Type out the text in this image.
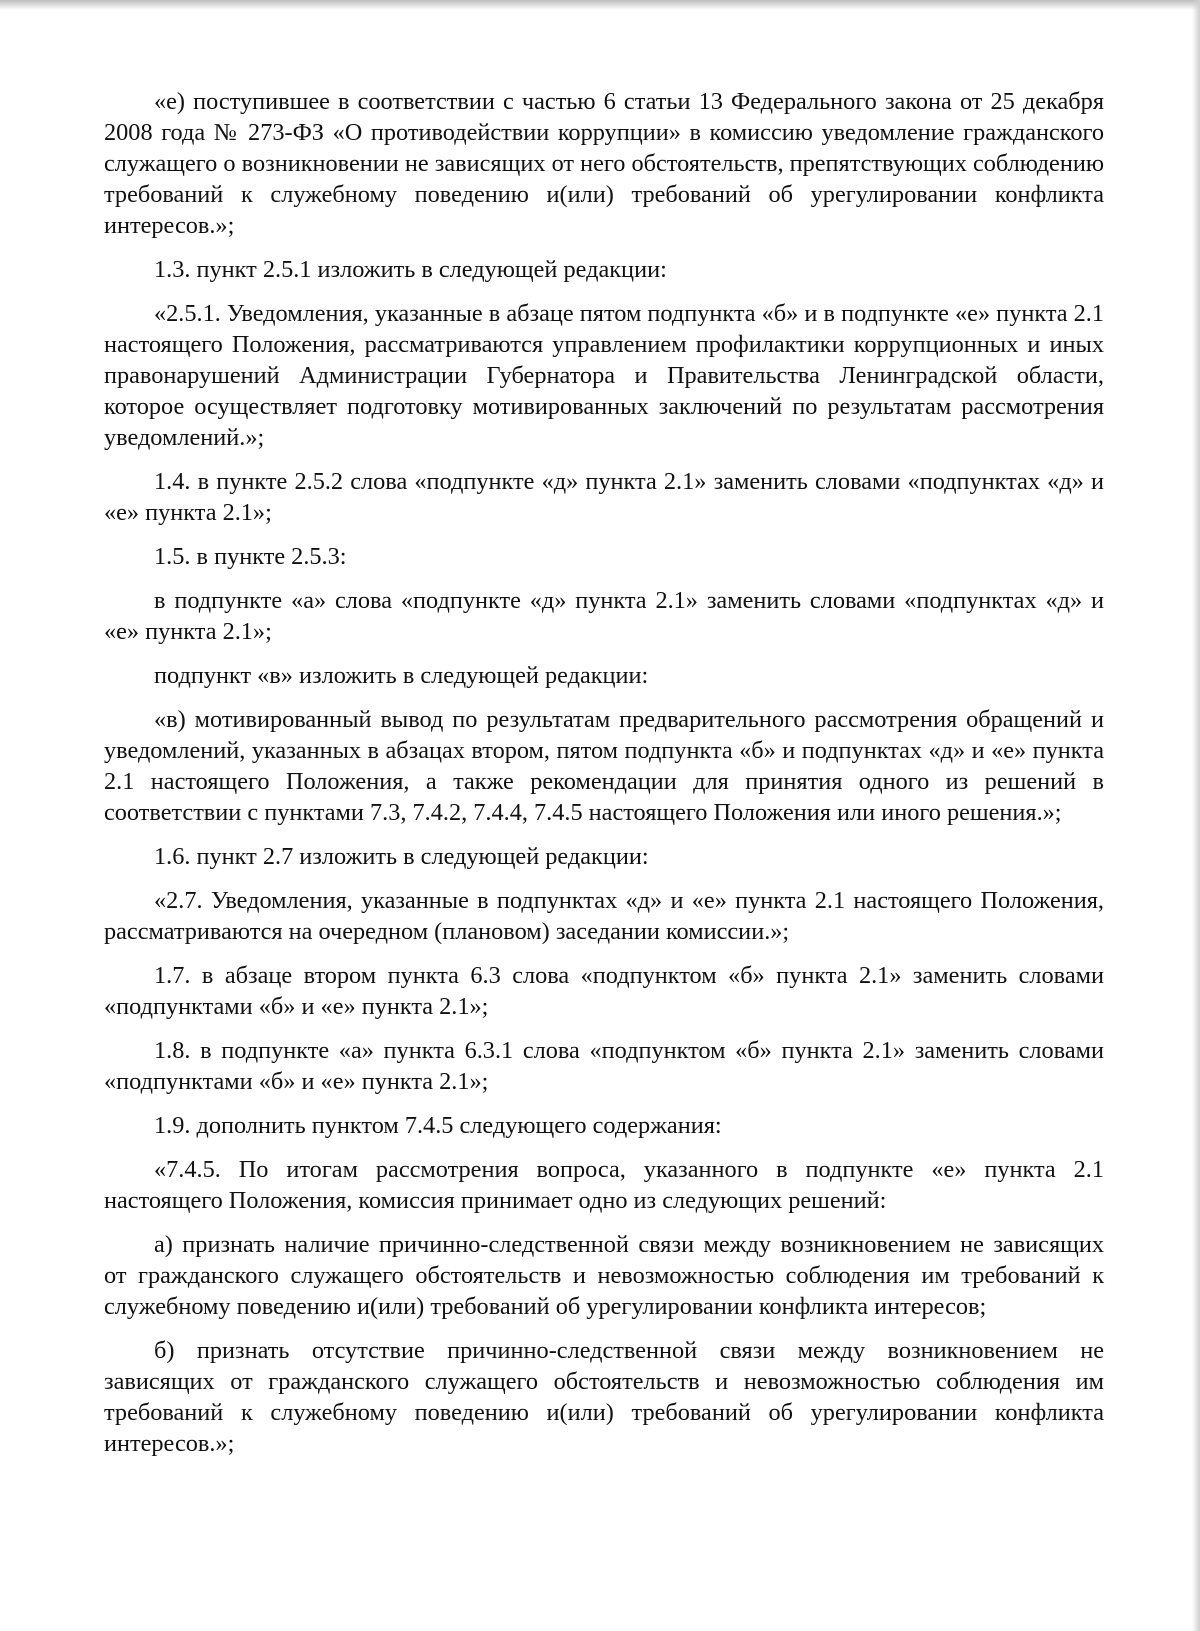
«е) поступившее в соответствии с частью 6 статьи 13 Федерального закона от 25 декабря 2008 года № 273-ФЗ «О противодействии коррупции» в комиссию уведомление гражданского служащего о возникновении не зависящих от него обстоятельств, препятствующих соблюдению требований к служебному поведению и(или) требований об урегулировании конфликта интересов.»;

1.3. пункт 2.5.1 изложить в следующей редакции:

«2.5.1. Уведомления, указанные в абзаце пятом подпункта «б» и в подпункте «е» пункта 2.1 настоящего Положения, рассматриваются управлением профилактики коррупционных и иных правонарушений Администрации Губернатора и Правительства Ленинградской области, которое осуществляет подготовку мотивированных заключений по результатам рассмотрения уведомлений.»;

1.4. в пункте 2.5.2 слова «подпункте «д» пункта 2.1» заменить словами «подпунктах «д» и «е» пункта 2.1»;

1.5. в пункте 2.5.3:

в подпункте «а» слова «подпункте «д» пункта 2.1» заменить словами «подпунктах «д» и «е» пункта 2.1»;

подпункт «в» изложить в следующей редакции:

«в) мотивированный вывод по результатам предварительного рассмотрения обращений и уведомлений, указанных в абзацах втором, пятом подпункта «б» и подпунктах «д» и «е» пункта 2.1 настоящего Положения, а также рекомендации для принятия одного из решений в соответствии с пунктами 7.3, 7.4.2, 7.4.4, 7.4.5 настоящего Положения или иного решения.»;

1.6. пункт 2.7 изложить в следующей редакции:

«2.7. Уведомления, указанные в подпунктах «д» и «е» пункта 2.1 настоящего Положения, рассматриваются на очередном (плановом) заседании комиссии.»;

1.7. в абзаце втором пункта 6.3 слова «подпунктом «б» пункта 2.1» заменить словами «подпунктами «б» и «е» пункта 2.1»;

1.8. в подпункте «а» пункта 6.3.1 слова «подпунктом «б» пункта 2.1» заменить словами «подпунктами «б» и «е» пункта 2.1»;

1.9. дополнить пунктом 7.4.5 следующего содержания:

«7.4.5. По итогам рассмотрения вопроса, указанного в подпункте «е» пункта 2.1 настоящего Положения, комиссия принимает одно из следующих решений:

а) признать наличие причинно-следственной связи между возникновением не зависящих от гражданского служащего обстоятельств и невозможностью соблюдения им требований к служебному поведению и(или) требований об урегулировании конфликта интересов;

б) признать отсутствие причинно-следственной связи между возникновением не зависящих от гражданского служащего обстоятельств и невозможностью соблюдения им требований к служебному поведению и(или) требований об урегулировании конфликта интересов.»;
